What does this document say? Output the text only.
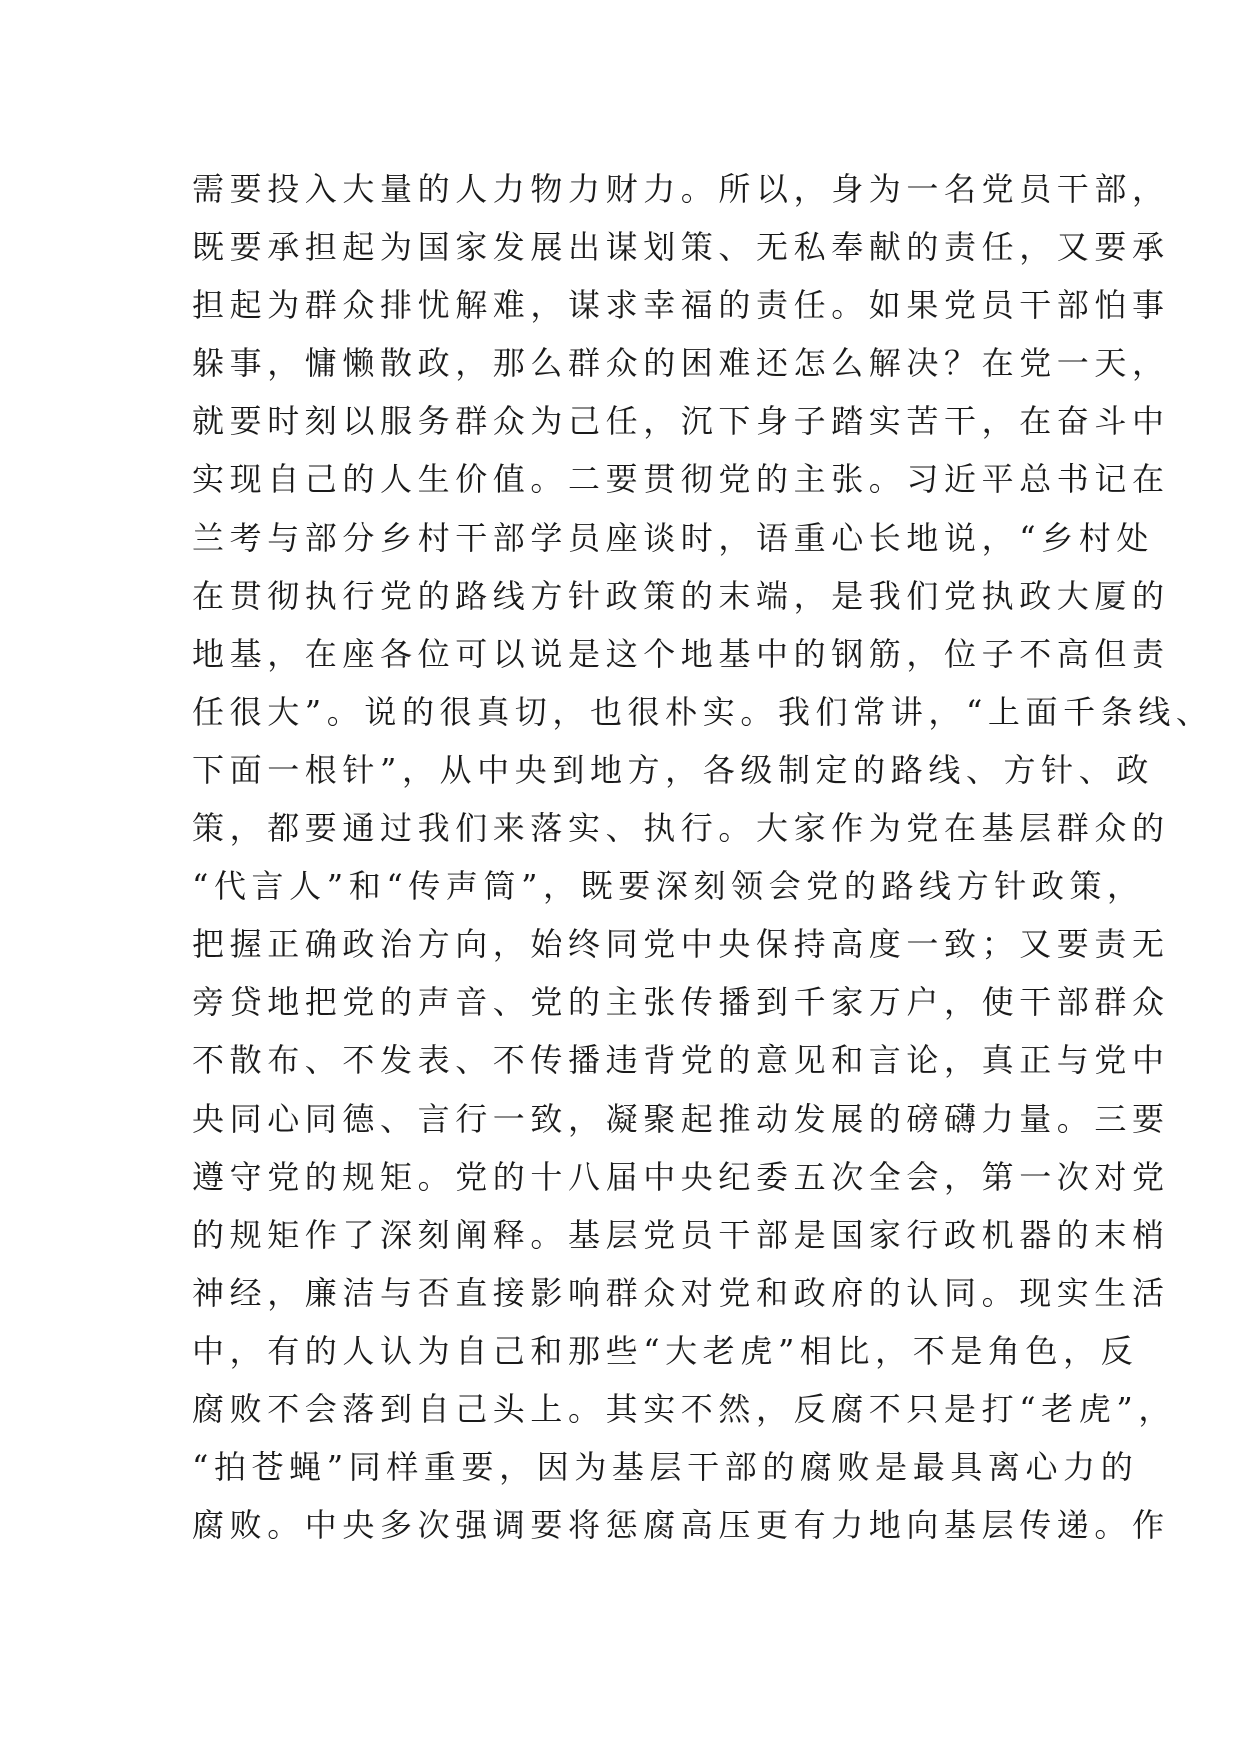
需要投入大量的人力物力财力。所以，身为一名党员干部，
既要承担起为国家发展出谋划策、无私奉献的责任，又要承
担起为群众排忧解难，谋求幸福的责任。如果党员干部怕事
躲事，慵懒散政，那么群众的困难还怎么解决？在党一天，
就要时刻以服务群众为己任，沉下身子踏实苦干，在奋斗中
实现自己的人生价值。二要贯彻党的主张。习近平总书记在
兰考与部分乡村干部学员座谈时，语重心长地说，“乡村处
在贯彻执行党的路线方针政策的末端，是我们党执政大厦的
地基，在座各位可以说是这个地基中的钢筋，位子不高但责
任很大”。说的很真切，也很朴实。我们常讲，“上面千条线、
下面一根针”，从中央到地方，各级制定的路线、方针、政
策，都要通过我们来落实、执行。大家作为党在基层群众的
“代言人”和“传声筒”，既要深刻领会党的路线方针政策，
把握正确政治方向，始终同党中央保持高度一致；又要责无
旁贷地把党的声音、党的主张传播到千家万户，使干部群众
不散布、不发表、不传播违背党的意见和言论，真正与党中
央同心同德、言行一致，凝聚起推动发展的磅礴力量。三要
遵守党的规矩。党的十八届中央纪委五次全会，第一次对党
的规矩作了深刻阐释。基层党员干部是国家行政机器的末梢
神经，廉洁与否直接影响群众对党和政府的认同。现实生活
中，有的人认为自己和那些“大老虎”相比，不是角色，反
腐败不会落到自己头上。其实不然，反腐不只是打“老虎”，
“拍苍蝇”同样重要，因为基层干部的腐败是最具离心力的
腐败。中央多次强调要将惩腐高压更有力地向基层传递。作
